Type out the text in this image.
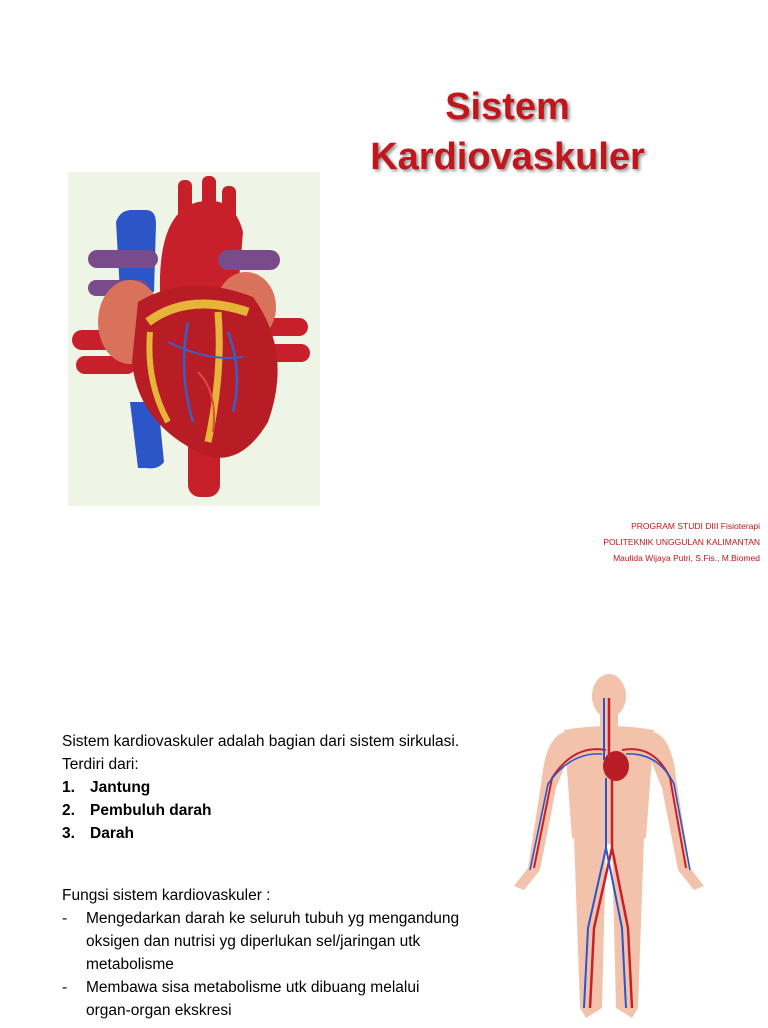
Sistem
Kardiovaskuler
PROGRAM STUDI DIII Fisioterapi
POLITEKNIK UNGGULAN KALIMANTAN
Maulida Wijaya Putri, S.Fis., M.Biomed
Sistem kardiovaskuler adalah bagian dari sistem sirkulasi. Terdiri dari:
1. Jantung
2. Pembuluh darah
3. Darah
Fungsi sistem kardiovaskuler :
-	Mengedarkan darah ke seluruh tubuh yg mengandung oksigen dan nutrisi yg diperlukan sel/jaringan utk metabolisme
-	Membawa sisa metabolisme utk dibuang melalui organ-organ ekskresi
